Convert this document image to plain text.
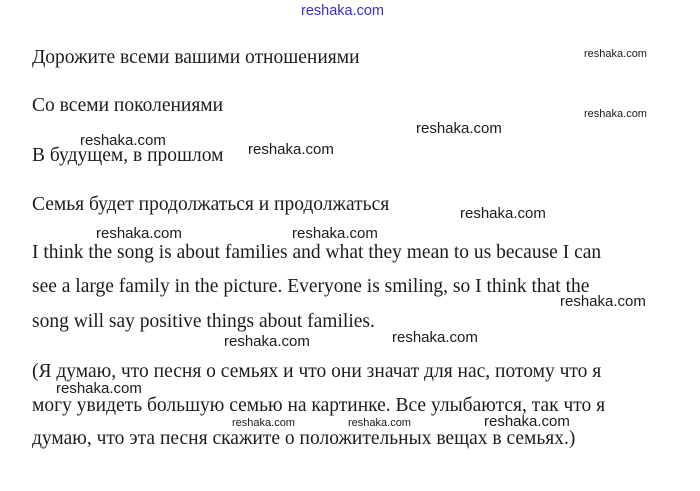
reshaka.com
Дорожите всеми вашими отношениями
Со всеми поколениями
В будущем, в прошлом
Семья будет продолжаться и продолжаться
I think the song is about families and what they mean to us because I can
see a large family in the picture. Everyone is smiling, so I think that the
song will say positive things about families.
(Я думаю, что песня о семьях и что они значат для нас, потому что я
могу увидеть большую семью на картинке. Все улыбаются, так что я
думаю, что эта песня скажите о положительных вещах в семьях.)
reshaka.com
reshaka.com
reshaka.com
reshaka.com
reshaka.com
reshaka.com
reshaka.com	reshaka.com
reshaka.com
reshaka.com	reshaka.com
reshaka.com
reshaka.com	reshaka.com	reshaka.com
